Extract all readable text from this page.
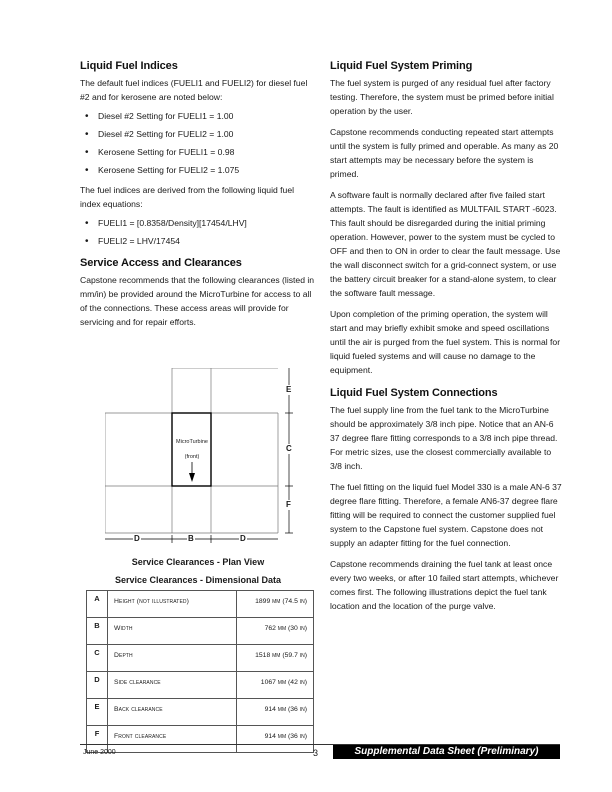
Liquid Fuel Indices

The default fuel indices (FUELI1 and FUELI2) for diesel fuel #2 and for kerosene are noted below:

• Diesel #2 Setting for FUELI1 = 1.00
• Diesel #2 Setting for FUELI2 = 1.00
• Kerosene Setting for FUELI1 = 0.98
• Kerosene Setting for FUELI2 = 1.075

The fuel indices are derived from the following liquid fuel index equations:

• FUELI1 = [0.8358/Density][17454/LHV]
• FUELI2 = LHV/17454
Service Access and Clearances

Capstone recommends that the following clearances (listed in mm/in) be provided around the MicroTurbine for access to all of the connections. These access areas will provide for servicing and for repair efforts.

E
C
F
D	B	D
MicroTurbine
(front)
Service Clearances - Plan View
Service Clearances - Dimensional Data
A	Height (not illustrated)	1899 mm (74.5 in)
B	Width	762 mm (30 in)
C	Depth	1518 mm (59.7 in)
D	Side clearance	1067 mm (42 in)
E	Back clearance	914 mm (36 in)
F	Front clearance	914 mm (36 in)
Liquid Fuel System Priming

The fuel system is purged of any residual fuel after factory testing. Therefore, the system must be primed before initial operation by the user.

Capstone recommends conducting repeated start attempts until the system is fully primed and operable. As many as 20 start attempts may be necessary before the system is primed.

A software fault is normally declared after five failed start attempts. The fault is identified as MULTFAIL START -6023. This fault should be disregarded during the initial priming operation. However, power to the system must be cycled to OFF and then to ON in order to clear the fault message. Use the wall disconnect switch for a grid-connect system, or use the battery circuit breaker for a stand-alone system, to clear the software fault message.

Upon completion of the priming operation, the system will start and may briefly exhibit smoke and speed oscillations until the air is purged from the fuel system. This is normal for liquid fueled systems and will cause no damage to the equipment.

Liquid Fuel System Connections

The fuel supply line from the fuel tank to the MicroTurbine should be approximately 3/8 inch pipe. Notice that an AN-6 37 degree flare fitting corresponds to a 3/8 inch pipe thread. For metric sizes, use the closest commercially available to 3/8 inch.

The fuel fitting on the liquid fuel Model 330 is a male AN-6 37 degree flare fitting. Therefore, a female AN6-37 degree flare fitting will be required to connect the customer supplied fuel system to the Capstone fuel system. Capstone does not supply an adapter fitting for the fuel connection.

Capstone recommends draining the fuel tank at least once every two weeks, or after 10 failed start attempts, whichever comes first. The following illustrations depict the fuel tank location and the location of the purge valve.

June 2000	3	Supplemental Data Sheet (Preliminary)
